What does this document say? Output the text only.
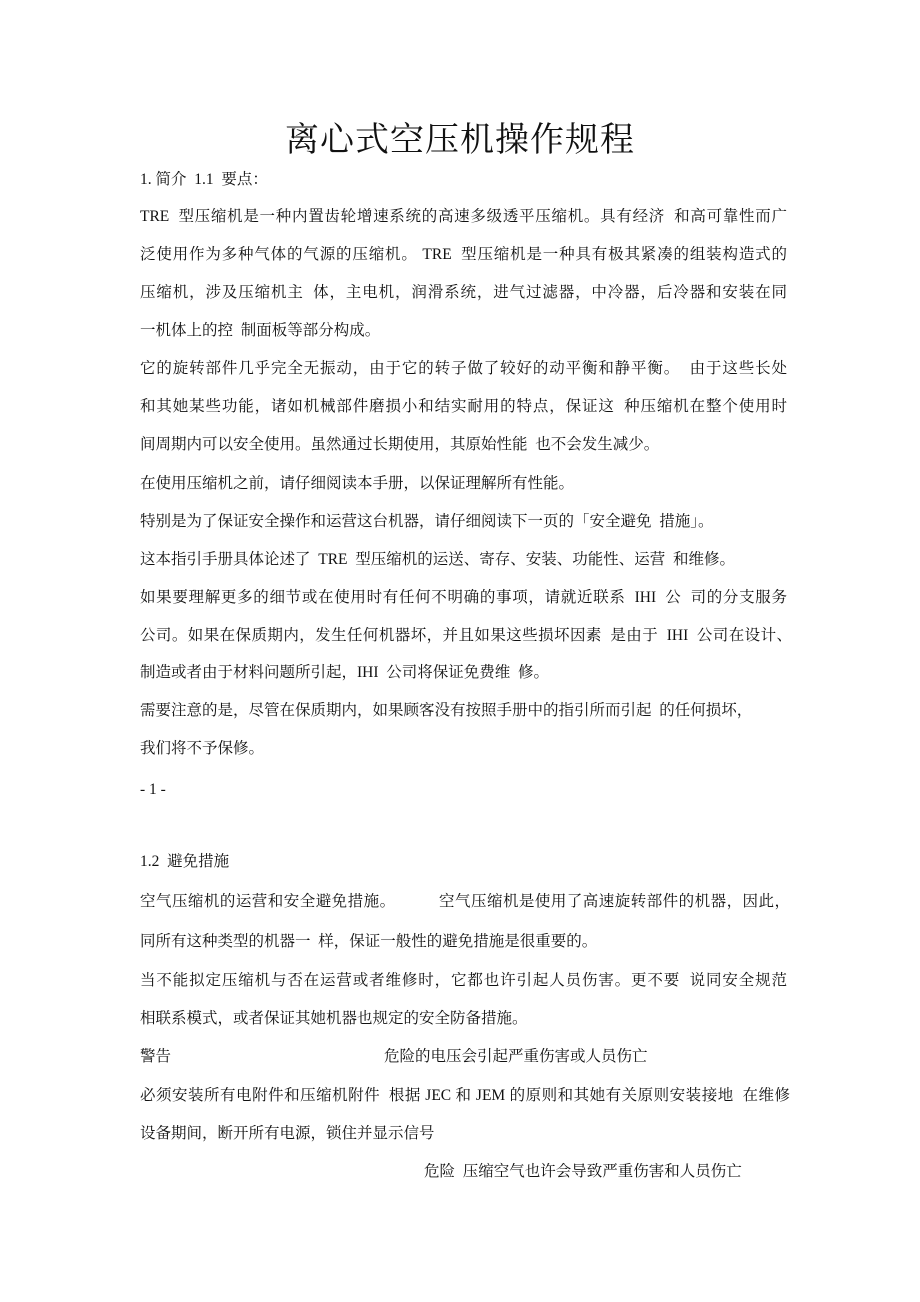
离心式空压机操作规程
1. 简介  1.1  要点：
TRE  型压缩机是一种内置齿轮增速系统的高速多级透平压缩机。具有经济  和高可靠性而广
泛使用作为多种气体的气源的压缩机。 TRE  型压缩机是一种具有极其紧凑的组装构造式的
压缩机，涉及压缩机主  体，主电机，润滑系统，进气过滤器，中冷器，后冷器和安装在同
一机体上的控  制面板等部分构成。
它的旋转部件几乎完全无振动，由于它的转子做了较好的动平衡和静平衡。  由于这些长处
和其她某些功能，诸如机械部件磨损小和结实耐用的特点，保证这  种压缩机在整个使用时
间周期内可以安全使用。虽然通过长期使用，其原始性能  也不会发生减少。
在使用压缩机之前，请仔细阅读本手册，以保证理解所有性能。
特别是为了保证安全操作和运营这台机器，请仔细阅读下一页的「安全避免  措施」。
这本指引手册具体论述了  TRE  型压缩机的运送、寄存、安装、功能性、运营  和维修。
如果要理解更多的细节或在使用时有任何不明确的事项，请就近联系  IHI  公  司的分支服务
公司。如果在保质期内，发生任何机器坏，并且如果这些损坏因素  是由于  IHI  公司在设计、
制造或者由于材料问题所引起，IHI  公司将保证免费维  修。
需要注意的是，尽管在保质期内，如果顾客没有按照手册中的指引所而引起  的任何损坏，
我们将不予保修。
- 1 -
1.2  避免措施
空气压缩机的运营和安全避免措施。          空气压缩机是使用了高速旋转部件的机器，因此，
同所有这种类型的机器一  样，保证一般性的避免措施是很重要的。
当不能拟定压缩机与否在运营或者维修时，它都也许引起人员伤害。更不要  说同安全规范
相联系模式，或者保证其她机器也规定的安全防备措施。
警告	危险的电压会引起严重伤害或人员伤亡
必须安装所有电附件和压缩机附件  根据 JEC 和 JEM 的原则和其她有关原则安装接地  在维修
设备期间，断开所有电源，锁住并显示信号
危险  压缩空气也许会导致严重伤害和人员伤亡
